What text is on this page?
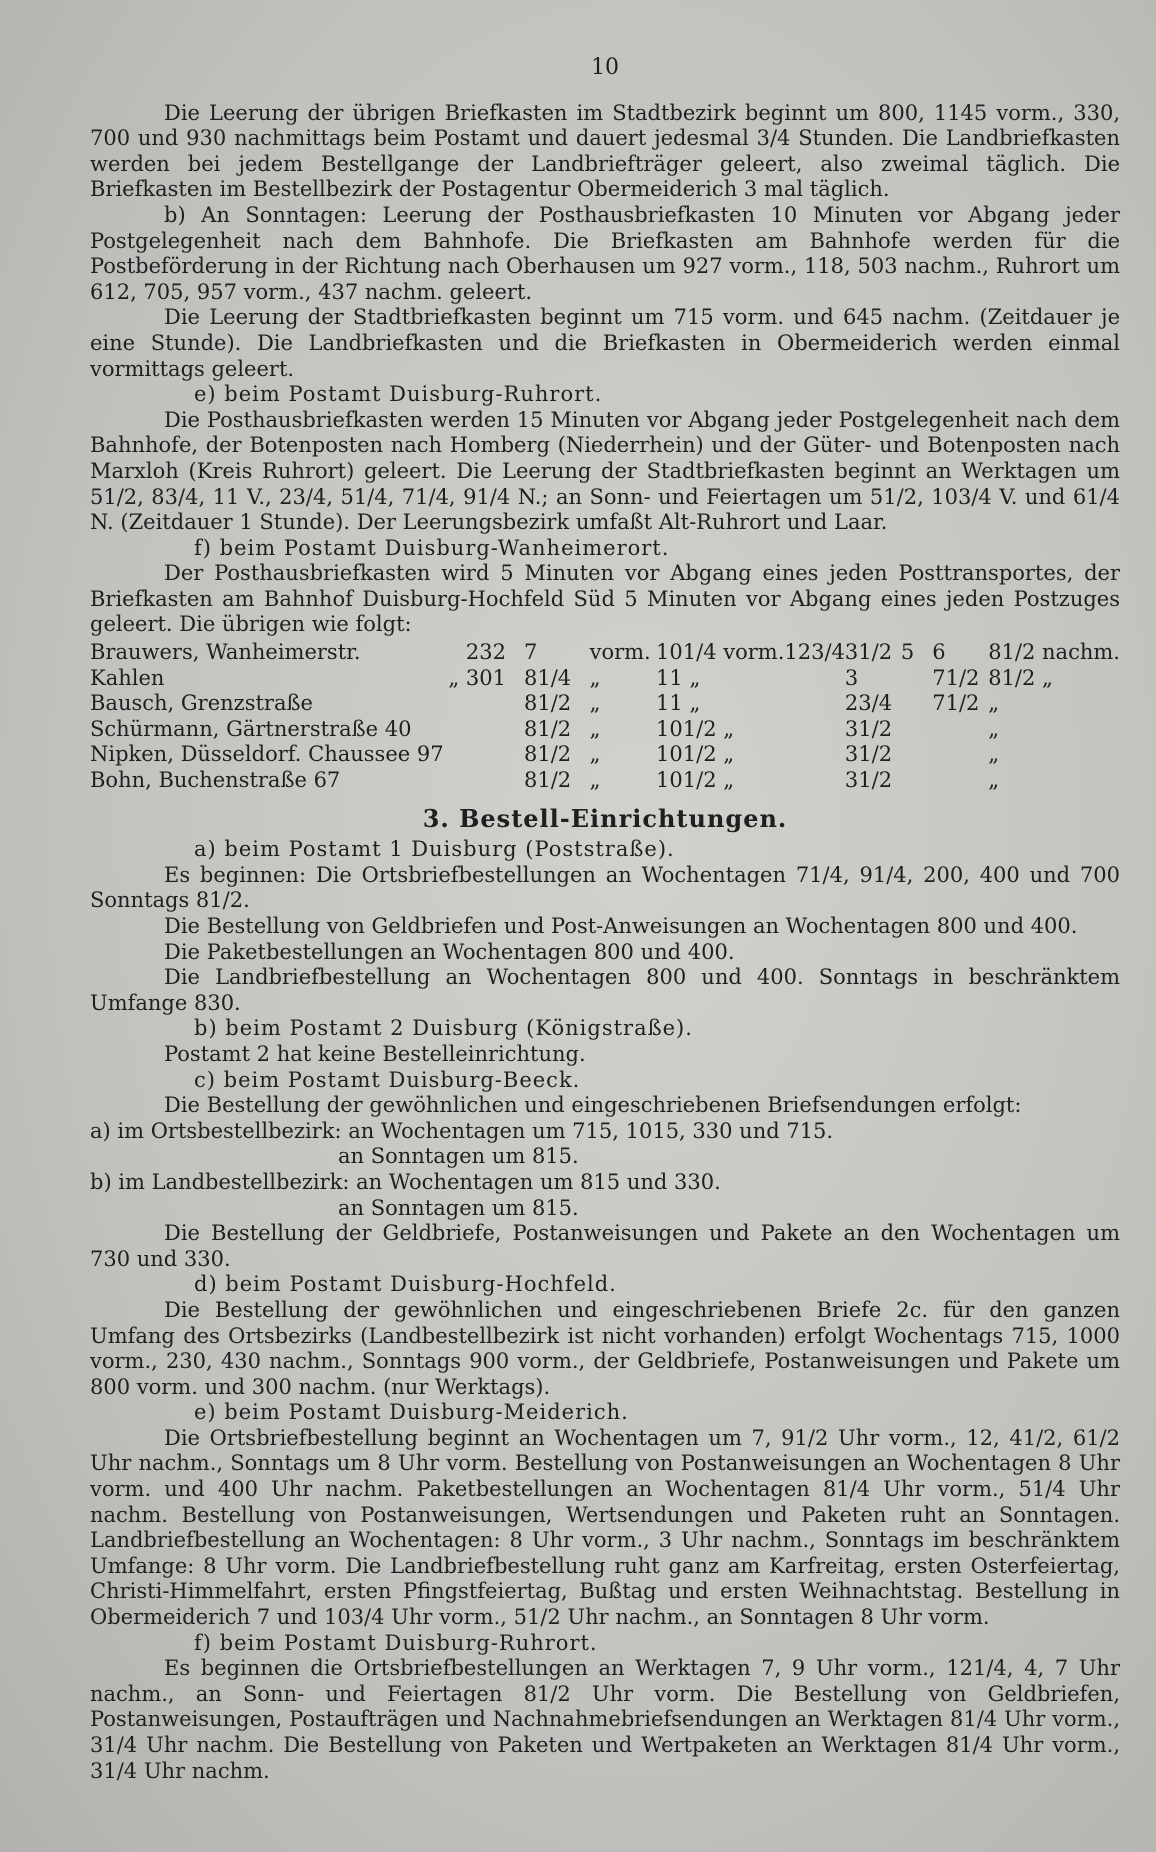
10

Die Leerung der übrigen Briefkasten im Stadtbezirk beginnt um 800, 1145 vorm., 330, 700 und 930 nachmittags beim Postamt und dauert jedesmal 3/4 Stunden. Die Landbriefkasten werden bei jedem Bestellgange der Landbriefträger geleert, also zweimal täglich. Die Briefkasten im Bestellbezirk der Postagentur Obermeiderich 3 mal täglich.

b) An Sonntagen: Leerung der Posthausbriefkasten 10 Minuten vor Abgang jeder Postgelegenheit nach dem Bahnhofe. Die Briefkasten am Bahnhofe werden für die Postbeförderung in der Richtung nach Oberhausen um 927 vorm., 118, 503 nachm., Ruhrort um 612, 705, 957 vorm., 437 nachm. geleert.

Die Leerung der Stadtbriefkasten beginnt um 715 vorm. und 645 nachm. (Zeitdauer je eine Stunde). Die Landbriefkasten und die Briefkasten in Obermeiderich werden einmal vormittags geleert.

e) beim Postamt Duisburg-Ruhrort.

Die Posthausbriefkasten werden 15 Minuten vor Abgang jeder Postgelegenheit nach dem Bahnhofe, der Botenposten nach Homberg (Niederrhein) und der Güter- und Botenposten nach Marxloh (Kreis Ruhrort) geleert. Die Leerung der Stadtbriefkasten beginnt an Werktagen um 51/2, 83/4, 11 V., 23/4, 51/4, 71/4, 91/4 N.; an Sonn- und Feiertagen um 51/2, 103/4 V. und 61/4 N. (Zeitdauer 1 Stunde). Der Leerungsbezirk umfaßt Alt-Ruhrort und Laar.

f) beim Postamt Duisburg-Wanheimerort.

Der Posthausbriefkasten wird 5 Minuten vor Abgang eines jeden Posttransportes, der Briefkasten am Bahnhof Duisburg-Hochfeld Süd 5 Minuten vor Abgang eines jeden Postzuges geleert. Die übrigen wie folgt:

Brauwers, Wanheimerstr.	232	7	vorm.	101/4 vorm.	123/4	31/2	5	6	81/2 nachm.
Kahlen	„ 301	81/4	„	11 „		3		71/2	81/2 „
Bausch, Grenzstraße		81/2	„	11 „		23/4		71/2	„
Schürmann, Gärtnerstraße 40		81/2	„	101/2 „		31/2			„
Nipken, Düsseldorf. Chaussee 97		81/2	„	101/2 „		31/2			„
Bohn, Buchenstraße 67		81/2	„	101/2 „		31/2			„
3. Bestell-Einrichtungen.

a) beim Postamt 1 Duisburg (Poststraße).

Es beginnen: Die Ortsbriefbestellungen an Wochentagen 71/4, 91/4, 200, 400 und 700 Sonntags 81/2.

Die Bestellung von Geldbriefen und Post-Anweisungen an Wochentagen 800 und 400.

Die Paketbestellungen an Wochentagen 800 und 400.

Die Landbriefbestellung an Wochentagen 800 und 400. Sonntags in beschränktem Umfange 830.

b) beim Postamt 2 Duisburg (Königstraße).

Postamt 2 hat keine Bestelleinrichtung.

c) beim Postamt Duisburg-Beeck.

Die Bestellung der gewöhnlichen und eingeschriebenen Briefsendungen erfolgt:

a) im Ortsbestellbezirk: an Wochentagen um 715, 1015, 330 und 715.

an Sonntagen um 815.

b) im Landbestellbezirk: an Wochentagen um 815 und 330.

an Sonntagen um 815.

Die Bestellung der Geldbriefe, Postanweisungen und Pakete an den Wochentagen um 730 und 330.

d) beim Postamt Duisburg-Hochfeld.

Die Bestellung der gewöhnlichen und eingeschriebenen Briefe 2c. für den ganzen Umfang des Ortsbezirks (Landbestellbezirk ist nicht vorhanden) erfolgt Wochentags 715, 1000 vorm., 230, 430 nachm., Sonntags 900 vorm., der Geldbriefe, Postanweisungen und Pakete um 800 vorm. und 300 nachm. (nur Werktags).

e) beim Postamt Duisburg-Meiderich.

Die Ortsbriefbestellung beginnt an Wochentagen um 7, 91/2 Uhr vorm., 12, 41/2, 61/2 Uhr nachm., Sonntags um 8 Uhr vorm. Bestellung von Postanweisungen an Wochentagen 8 Uhr vorm. und 400 Uhr nachm. Paketbestellungen an Wochentagen 81/4 Uhr vorm., 51/4 Uhr nachm. Bestellung von Postanweisungen, Wertsendungen und Paketen ruht an Sonntagen. Landbriefbestellung an Wochentagen: 8 Uhr vorm., 3 Uhr nachm., Sonntags im beschränktem Umfange: 8 Uhr vorm. Die Landbriefbestellung ruht ganz am Karfreitag, ersten Osterfeiertag, Christi-Himmelfahrt, ersten Pfingstfeiertag, Bußtag und ersten Weihnachtstag. Bestellung in Obermeiderich 7 und 103/4 Uhr vorm., 51/2 Uhr nachm., an Sonntagen 8 Uhr vorm.

f) beim Postamt Duisburg-Ruhrort.

Es beginnen die Ortsbriefbestellungen an Werktagen 7, 9 Uhr vorm., 121/4, 4, 7 Uhr nachm., an Sonn- und Feiertagen 81/2 Uhr vorm. Die Bestellung von Geldbriefen, Postanweisungen, Postaufträgen und Nachnahmebriefsendungen an Werktagen 81/4 Uhr vorm., 31/4 Uhr nachm. Die Bestellung von Paketen und Wertpaketen an Werktagen 81/4 Uhr vorm., 31/4 Uhr nachm.
